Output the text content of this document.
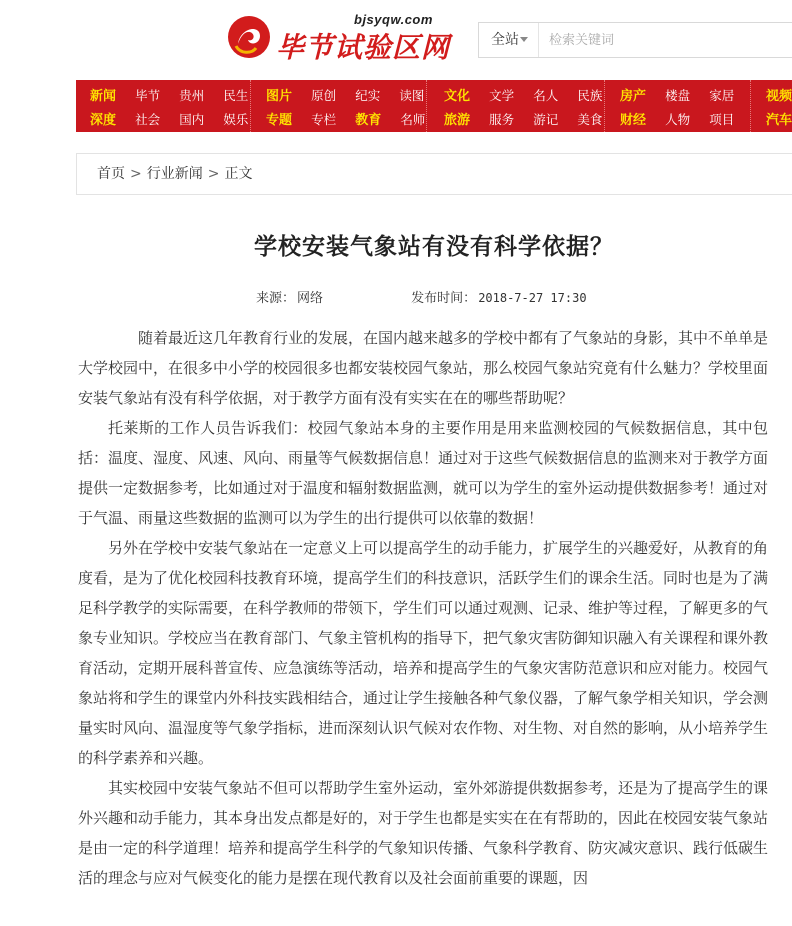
bjsyqw.com
毕节试验区网	全站
检索关键词
新闻 毕节 贵州 民生
深度 社会 国内 娱乐
图片 原创 纪实 读图
专题 专栏 教育 名师
文化 文学 名人 民族
旅游 服务 游记 美食
房产 楼盘 家居
财经 人物 项目
视频
汽车
首页 > 行业新闻 > 正文
学校安装气象站有没有科学依据？
来源： 网络	发布时间： 2018-7-27 17:30

随着最近这几年教育行业的发展，在国内越来越多的学校中都有了气象站的身影，其中不单单是大学校园中，在很多中小学的校园很多也都安装校园气象站，那么校园气象站究竟有什么魅力？学校里面安装气象站有没有科学依据，对于教学方面有没有实实在在的哪些帮助呢？

托莱斯的工作人员告诉我们：校园气象站本身的主要作用是用来监测校园的气候数据信息，其中包括：温度、湿度、风速、风向、雨量等气候数据信息！通过对于这些气候数据信息的监测来对于教学方面提供一定数据参考，比如通过对于温度和辐射数据监测，就可以为学生的室外运动提供数据参考！通过对于气温、雨量这些数据的监测可以为学生的出行提供可以依靠的数据！

另外在学校中安装气象站在一定意义上可以提高学生的动手能力，扩展学生的兴趣爱好，从教育的角度看，是为了优化校园科技教育环境，提高学生们的科技意识，活跃学生们的课余生活。同时也是为了满足科学教学的实际需要，在科学教师的带领下，学生们可以通过观测、记录、维护等过程，了解更多的气象专业知识。学校应当在教育部门、气象主管机构的指导下，把气象灾害防御知识融入有关课程和课外教育活动，定期开展科普宣传、应急演练等活动，培养和提高学生的气象灾害防范意识和应对能力。校园气象站将和学生的课堂内外科技实践相结合，通过让学生接触各种气象仪器，了解气象学相关知识，学会测量实时风向、温湿度等气象学指标，进而深刻认识气候对农作物、对生物、对自然的影响，从小培养学生的科学素养和兴趣。

其实校园中安装气象站不但可以帮助学生室外运动，室外郊游提供数据参考，还是为了提高学生的课外兴趣和动手能力，其本身出发点都是好的，对于学生也都是实实在在有帮助的，因此在校园安装气象站是由一定的科学道理！培养和提高学生科学的气象知识传播、气象科学教育、防灾减灾意识、践行低碳生活的理念与应对气候变化的能力是摆在现代教育以及社会面前重要的课题，因
